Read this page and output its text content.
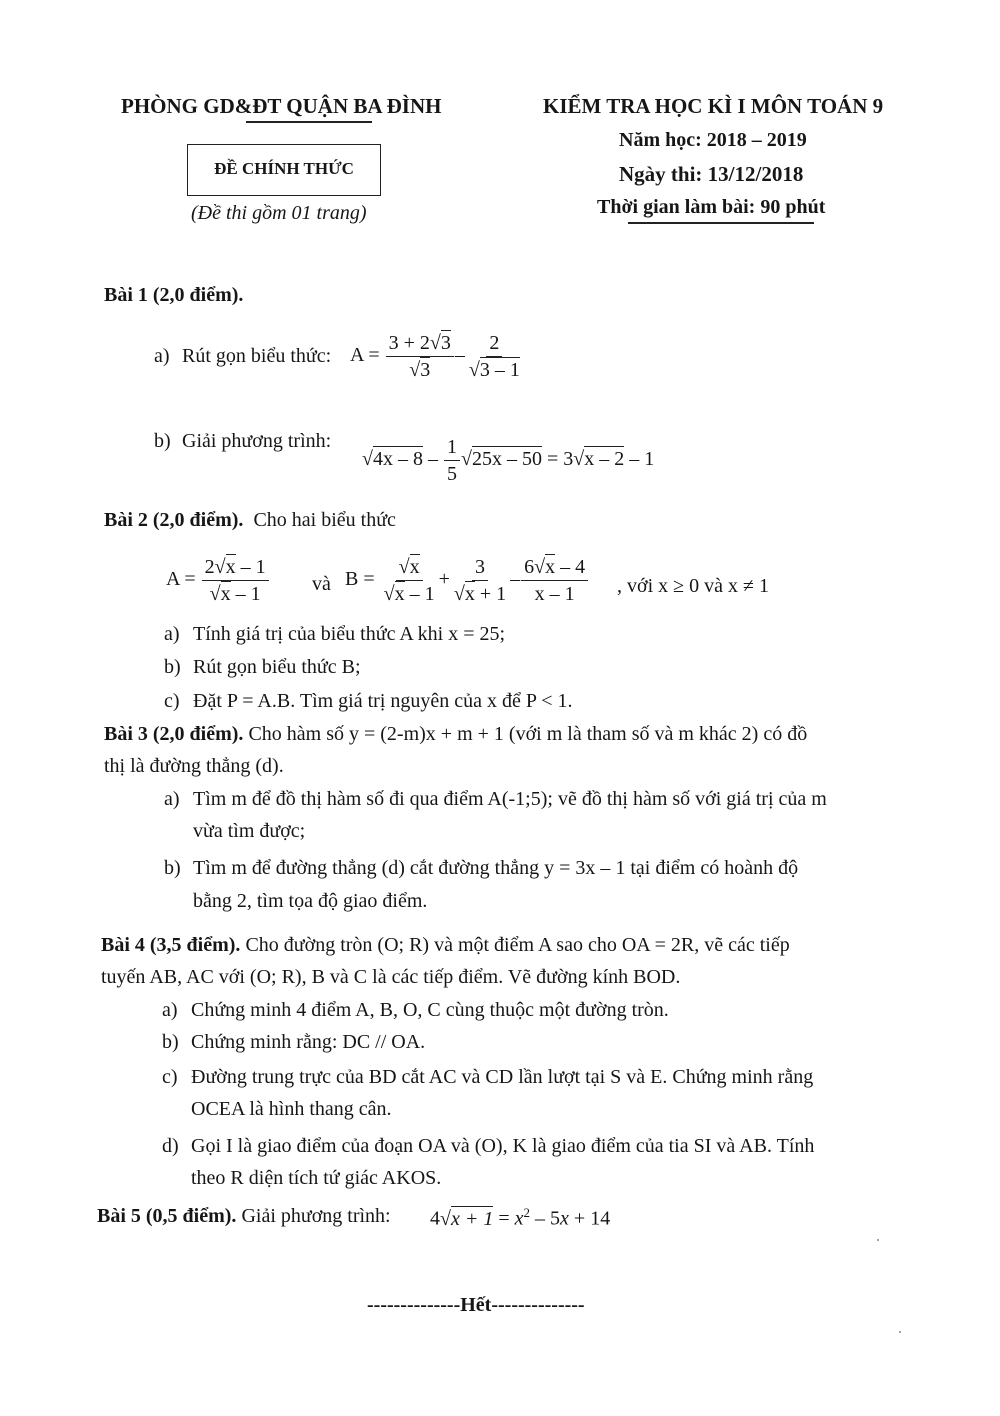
PHÒNG GD&ĐT QUẬN BA ĐÌNH
ĐỀ CHÍNH THỨC
(Đề thi gồm 01 trang)
KIỂM TRA HỌC KÌ I MÔN TOÁN 9
Năm học: 2018 – 2019
Ngày thi: 13/12/2018
Thời gian làm bài: 90 phút
Bài 1 (2,0 điểm).
a) Rút gọn biểu thức: A = 3 + 2 √ 3
√ 3 – 2
√ 3 – 1
b) Giải phương trình:
√ $4x - 8 - \frac{1}{5}$ √ 25x – 50 = 3 √ x – 2 – 1
Bài 2 (2,0 điểm). Cho hai biểu thức
A = 2 √ x – 1
√ x – 1 và B = √ x
√ x – 1 + 3
√ $x + 1 - \frac{6 √ x - 4}{x - 1}$ , với x ≥ 0 và x ≠ 1
a) Tính giá trị của biểu thức A khi x = 25;
b) Rút gọn biểu thức B;
c) Đặt P = A.B. Tìm giá trị nguyên của x để P < 1.
Bài 3 (2,0 điểm). Cho hàm số y = (2-m)x + m + 1 (với m là tham số và m khác 2) có đồ
thị là đường thẳng (d).
a) Tìm m để đồ thị hàm số đi qua điểm A(-1;5); vẽ đồ thị hàm số với giá trị của m
vừa tìm được;
b) Tìm m để đường thẳng (d) cắt đường thẳng y = 3x – 1 tại điểm có hoành độ
bằng 2, tìm tọa độ giao điểm.
Bài 4 (3,5 điểm). Cho đường tròn (O; R) và một điểm A sao cho OA = 2R, vẽ các tiếp
tuyến AB, AC với (O; R), B và C là các tiếp điểm. Vẽ đường kính BOD.
a) Chứng minh 4 điểm A, B, O, C cùng thuộc một đường tròn.
b) Chứng minh rằng: DC // OA.
c) Đường trung trực của BD cắt AC và CD lần lượt tại S và E. Chứng minh rằng
OCEA là hình thang cân.
d) Gọi I là giao điểm của đoạn OA và (O), K là giao điểm của tia SI và AB. Tính
theo R diện tích tứ giác AKOS.
Bài 5 (0,5 điểm). Giải phương trình: 4 √ $x + 1 = x^2 - 5x + 14$
--------------Hết--------------
